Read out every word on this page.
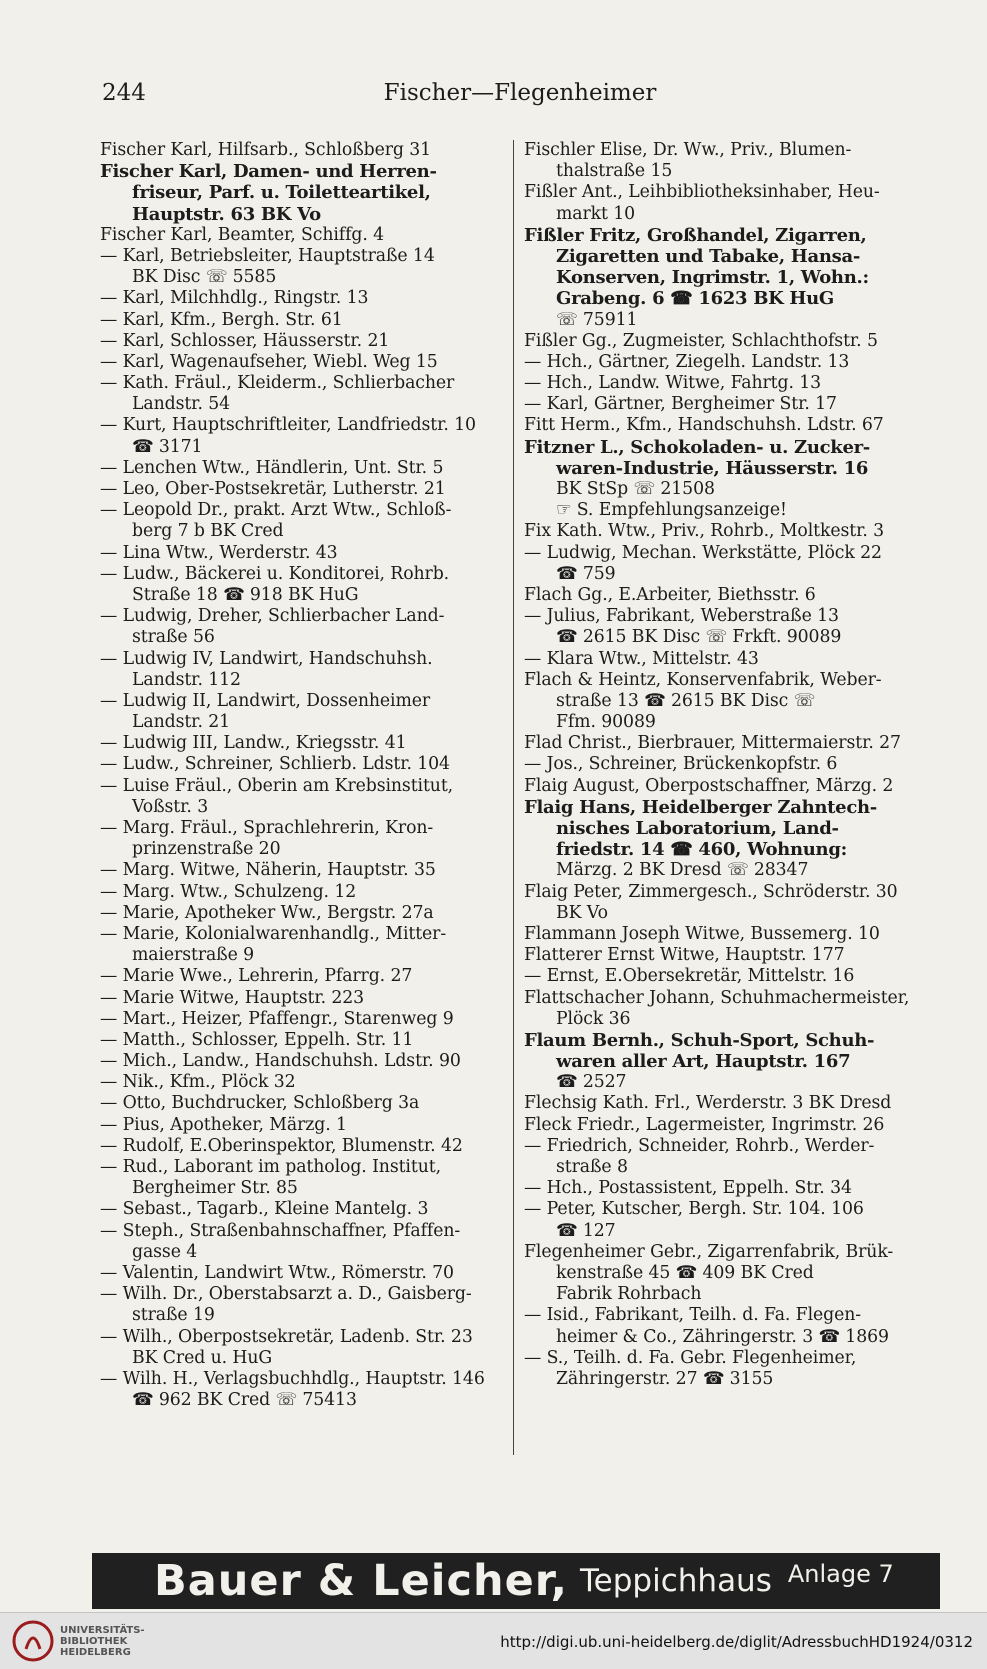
244	Fischer—Flegenheimer
Fischer Karl, Hilfsarb., Schloßberg 31
Fischer Karl, Damen- und Herren-
friseur, Parf. u. Toiletteartikel,
Hauptstr. 63 BK Vo
Fischer Karl, Beamter, Schiffg. 4
— Karl, Betriebsleiter, Hauptstraße 14
BK Disc ☏ 5585
— Karl, Milchhdlg., Ringstr. 13
— Karl, Kfm., Bergh. Str. 61
— Karl, Schlosser, Häusserstr. 21
— Karl, Wagenaufseher, Wiebl. Weg 15
— Kath. Fräul., Kleiderm., Schlierbacher
Landstr. 54
— Kurt, Hauptschriftleiter, Landfriedstr. 10
☎ 3171
— Lenchen Wtw., Händlerin, Unt. Str. 5
— Leo, Ober-Postsekretär, Lutherstr. 21
— Leopold Dr., prakt. Arzt Wtw., Schloß-
berg 7 b BK Cred
— Lina Wtw., Werderstr. 43
— Ludw., Bäckerei u. Konditorei, Rohrb.
Straße 18 ☎ 918 BK HuG
— Ludwig, Dreher, Schlierbacher Land-
straße 56
— Ludwig IV, Landwirt, Handschuhsh.
Landstr. 112
— Ludwig II, Landwirt, Dossenheimer
Landstr. 21
— Ludwig III, Landw., Kriegsstr. 41
— Ludw., Schreiner, Schlierb. Ldstr. 104
— Luise Fräul., Oberin am Krebsinstitut,
Voßstr. 3
— Marg. Fräul., Sprachlehrerin, Kron-
prinzenstraße 20
— Marg. Witwe, Näherin, Hauptstr. 35
— Marg. Wtw., Schulzeng. 12
— Marie, Apotheker Ww., Bergstr. 27a
— Marie, Kolonialwarenhandlg., Mitter-
maierstraße 9
— Marie Wwe., Lehrerin, Pfarrg. 27
— Marie Witwe, Hauptstr. 223
— Mart., Heizer, Pfaffengr., Starenweg 9
— Matth., Schlosser, Eppelh. Str. 11
— Mich., Landw., Handschuhsh. Ldstr. 90
— Nik., Kfm., Plöck 32
— Otto, Buchdrucker, Schloßberg 3a
— Pius, Apotheker, Märzg. 1
— Rudolf, E.Oberinspektor, Blumenstr. 42
— Rud., Laborant im patholog. Institut,
Bergheimer Str. 85
— Sebast., Tagarb., Kleine Mantelg. 3
— Steph., Straßenbahnschaffner, Pfaffen-
gasse 4
— Valentin, Landwirt Wtw., Römerstr. 70
— Wilh. Dr., Oberstabsarzt a. D., Gaisberg-
straße 19
— Wilh., Oberpostsekretär, Ladenb. Str. 23
BK Cred u. HuG
— Wilh. H., Verlagsbuchhdlg., Hauptstr. 146
☎ 962 BK Cred ☏ 75413
Fischler Elise, Dr. Ww., Priv., Blumen-
thalstraße 15
Fißler Ant., Leihbibliotheksinhaber, Heu-
markt 10
Fißler Fritz, Großhandel, Zigarren,
Zigaretten und Tabake, Hansa-
Konserven, Ingrimstr. 1, Wohn.:
Grabeng. 6 ☎ 1623 BK HuG
☏ 75911
Fißler Gg., Zugmeister, Schlachthofstr. 5
— Hch., Gärtner, Ziegelh. Landstr. 13
— Hch., Landw. Witwe, Fahrtg. 13
— Karl, Gärtner, Bergheimer Str. 17
Fitt Herm., Kfm., Handschuhsh. Ldstr. 67
Fitzner L., Schokoladen- u. Zucker-
waren-Industrie, Häusserstr. 16
BK StSp ☏ 21508
☞ S. Empfehlungsanzeige!
Fix Kath. Wtw., Priv., Rohrb., Moltkestr. 3
— Ludwig, Mechan. Werkstätte, Plöck 22
☎ 759
Flach Gg., E.Arbeiter, Biethsstr. 6
— Julius, Fabrikant, Weberstraße 13
☎ 2615 BK Disc ☏ Frkft. 90089
— Klara Wtw., Mittelstr. 43
Flach & Heintz, Konservenfabrik, Weber-
straße 13 ☎ 2615 BK Disc ☏
Ffm. 90089
Flad Christ., Bierbrauer, Mittermaierstr. 27
— Jos., Schreiner, Brückenkopfstr. 6
Flaig August, Oberpostschaffner, Märzg. 2
Flaig Hans, Heidelberger Zahntech-
nisches Laboratorium, Land-
friedstr. 14 ☎ 460, Wohnung:
Märzg. 2 BK Dresd ☏ 28347
Flaig Peter, Zimmergesch., Schröderstr. 30
BK Vo
Flammann Joseph Witwe, Bussemerg. 10
Flatterer Ernst Witwe, Hauptstr. 177
— Ernst, E.Obersekretär, Mittelstr. 16
Flattschacher Johann, Schuhmachermeister,
Plöck 36
Flaum Bernh., Schuh-Sport, Schuh-
waren aller Art, Hauptstr. 167
☎ 2527
Flechsig Kath. Frl., Werderstr. 3 BK Dresd
Fleck Friedr., Lagermeister, Ingrimstr. 26
— Friedrich, Schneider, Rohrb., Werder-
straße 8
— Hch., Postassistent, Eppelh. Str. 34
— Peter, Kutscher, Bergh. Str. 104. 106
☎ 127
Flegenheimer Gebr., Zigarrenfabrik, Brük-
kenstraße 45 ☎ 409 BK Cred
Fabrik Rohrbach
— Isid., Fabrikant, Teilh. d. Fa. Flegen-
heimer & Co., Zähringerstr. 3 ☎ 1869
— S., Teilh. d. Fa. Gebr. Flegenheimer,
Zähringerstr. 27 ☎ 3155
Bauer & Leicher, Teppichhaus Anlage 7
UNIVERSITÄTS-
BIBLIOTHEK
HEIDELBERG
http://digi.ub.uni-heidelberg.de/diglit/AdressbuchHD1924/0312
